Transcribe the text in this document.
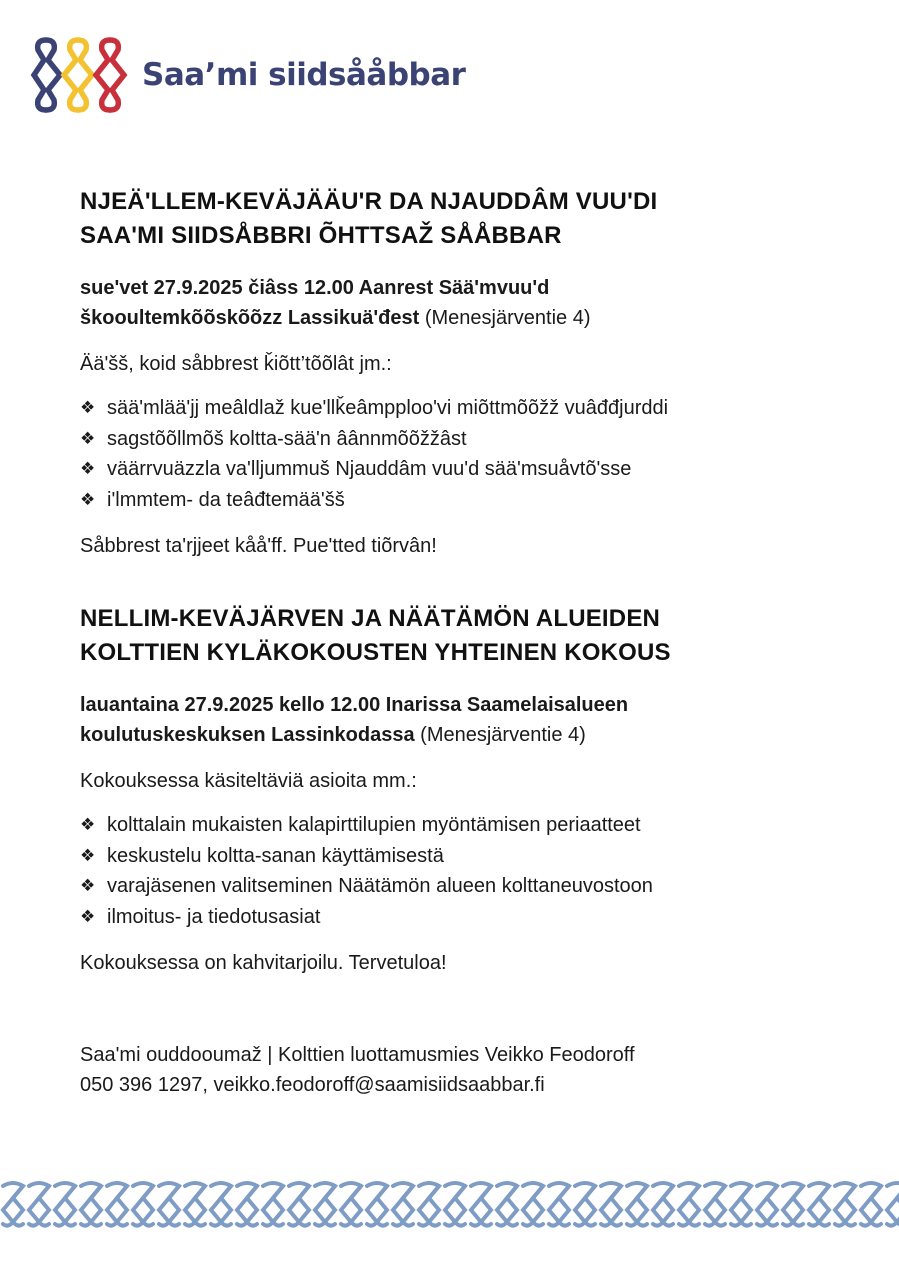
Saa’mi siidsååbbar
NJEÄ'LLEM-KEVÄJÄÄU'R DA NJAUDDÂM VUU'DI
SAA'MI SIIDSÅBBRI ÕHTTSAŽ SÅÅBBAR

sue'vet 27.9.2025 čiâss 12.00 Aanrest Sää'mvuu'd
škooultemkõõskõõzz Lassikuä'đest (Menesjärventie 4)

Ää'šš, koid såbbrest ǩiõtt’tõõlât jm.:

❖ sää'mlää'jj meâldlaž kue'llǩeâmpploo'vi miõttmõõžž vuâđđjurddi
❖ sagstõõllmõš koltta-sää'n âânnmõõžžâst
❖ väärrvuäzzla va'lljummuš Njauddâm vuu'd sää'msuåvtõ'sse
❖ i'lmmtem- da teâđtemää'šš

Såbbrest ta'rjjeet kåå'ff. Pue'tted tiõrvân!

NELLIM-KEVÄJÄRVEN JA NÄÄTÄMÖN ALUEIDEN
KOLTTIEN KYLÄKOKOUSTEN YHTEINEN KOKOUS

lauantaina 27.9.2025 kello 12.00 Inarissa Saamelaisalueen
koulutuskeskuksen Lassinkodassa (Menesjärventie 4)

Kokouksessa käsiteltäviä asioita mm.:

❖ kolttalain mukaisten kalapirttilupien myöntämisen periaatteet
❖ keskustelu koltta-sanan käyttämisestä
❖ varajäsenen valitseminen Näätämön alueen kolttaneuvostoon
❖ ilmoitus- ja tiedotusasiat

Kokouksessa on kahvitarjoilu. Tervetuloa!

Saa'mi ouddooumaž | Kolttien luottamusmies Veikko Feodoroff
050 396 1297, veikko.feodoroff@saamisiidsaabbar.fi
